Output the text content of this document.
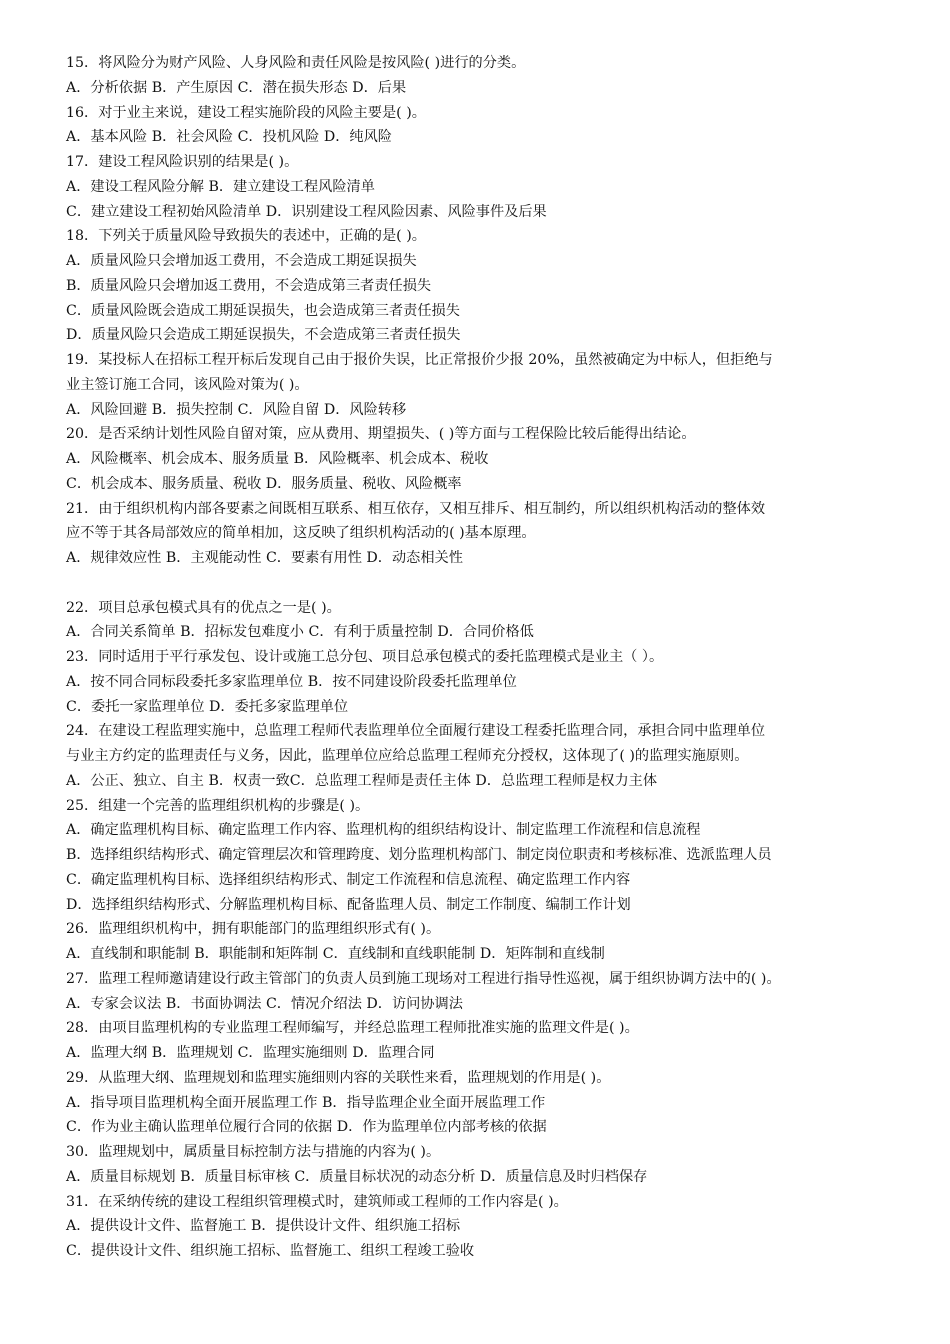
15．将风险分为财产风险、人身风险和责任风险是按风险( )进行的分类。
A．分析依据 B．产生原因 C．潜在损失形态 D．后果
16．对于业主来说，建设工程实施阶段的风险主要是( )。
A．基本风险 B．社会风险 C．投机风险 D．纯风险
17．建设工程风险识别的结果是( )。
A．建设工程风险分解 B．建立建设工程风险清单
C．建立建设工程初始风险清单 D．识别建设工程风险因素、风险事件及后果
18．下列关于质量风险导致损失的表述中，正确的是( )。
A．质量风险只会增加返工费用，不会造成工期延误损失
B．质量风险只会增加返工费用，不会造成第三者责任损失
C．质量风险既会造成工期延误损失，也会造成第三者责任损失
D．质量风险只会造成工期延误损失，不会造成第三者责任损失
19．某投标人在招标工程开标后发现自己由于报价失误，比正常报价少报 20%，虽然被确定为中标人，但拒绝与
业主签订施工合同，该风险对策为( )。
A．风险回避 B．损失控制 C．风险自留 D．风险转移
20．是否采纳计划性风险自留对策，应从费用、期望损失、( )等方面与工程保险比较后能得出结论。
A．风险概率、机会成本、服务质量 B．风险概率、机会成本、税收
C．机会成本、服务质量、税收 D．服务质量、税收、风险概率
21．由于组织机构内部各要素之间既相互联系、相互依存，又相互排斥、相互制约，所以组织机构活动的整体效
应不等于其各局部效应的简单相加，这反映了组织机构活动的( )基本原理。
A．规律效应性 B．主观能动性 C．要素有用性 D．动态相关性
22．项目总承包模式具有的优点之一是( )。
A．合同关系简单 B．招标发包难度小 C．有利于质量控制 D．合同价格低
23．同时适用于平行承发包、设计或施工总分包、项目总承包模式的委托监理模式是业主（ ）。
A．按不同合同标段委托多家监理单位 B．按不同建设阶段委托监理单位
C．委托一家监理单位 D．委托多家监理单位
24．在建设工程监理实施中，总监理工程师代表监理单位全面履行建设工程委托监理合同，承担合同中监理单位
与业主方约定的监理责任与义务，因此，监理单位应给总监理工程师充分授权，这体现了( )的监理实施原则。
A．公正、独立、自主 B．权责一致C．总监理工程师是责任主体 D．总监理工程师是权力主体
25．组建一个完善的监理组织机构的步骤是( )。
A．确定监理机构目标、确定监理工作内容、监理机构的组织结构设计、制定监理工作流程和信息流程
B．选择组织结构形式、确定管理层次和管理跨度、划分监理机构部门、制定岗位职责和考核标准、选派监理人员
C．确定监理机构目标、选择组织结构形式、制定工作流程和信息流程、确定监理工作内容
D．选择组织结构形式、分解监理机构目标、配备监理人员、制定工作制度、编制工作计划
26．监理组织机构中，拥有职能部门的监理组织形式有( )。
A．直线制和职能制 B．职能制和矩阵制 C．直线制和直线职能制 D．矩阵制和直线制
27．监理工程师邀请建设行政主管部门的负责人员到施工现场对工程进行指导性巡视，属于组织协调方法中的( )。
A．专家会议法 B．书面协调法 C．情况介绍法 D．访问协调法
28．由项目监理机构的专业监理工程师编写，并经总监理工程师批准实施的监理文件是( )。
A．监理大纲 B．监理规划 C．监理实施细则 D．监理合同
29．从监理大纲、监理规划和监理实施细则内容的关联性来看，监理规划的作用是( )。
A．指导项目监理机构全面开展监理工作 B．指导监理企业全面开展监理工作
C．作为业主确认监理单位履行合同的依据 D．作为监理单位内部考核的依据
30．监理规划中，属质量目标控制方法与措施的内容为( )。
A．质量目标规划 B．质量目标审核 C．质量目标状况的动态分析 D．质量信息及时归档保存
31．在采纳传统的建设工程组织管理模式时，建筑师或工程师的工作内容是( )。
A．提供设计文件、监督施工 B．提供设计文件、组织施工招标
C．提供设计文件、组织施工招标、监督施工、组织工程竣工验收
